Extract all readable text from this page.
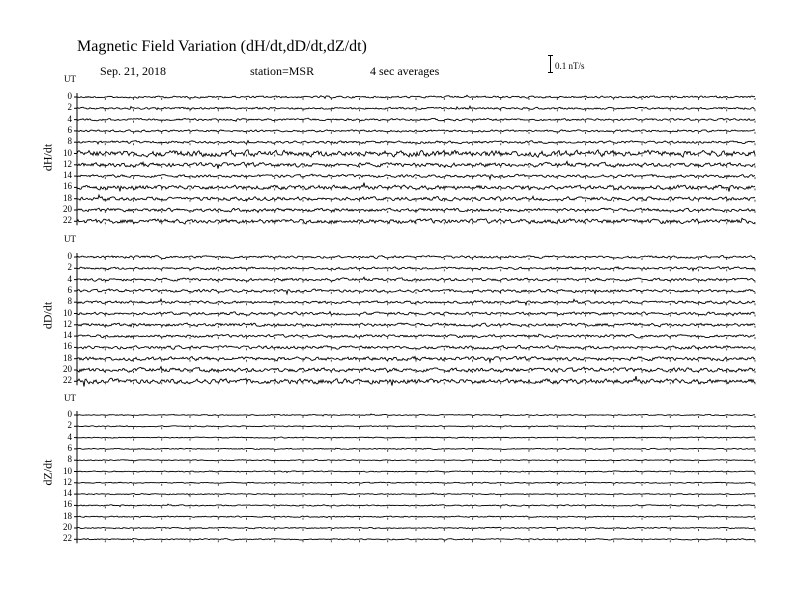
Magnetic Field Variation (dH/dt,dD/dt,dZ/dt)
Sep. 21, 2018	station=MSR	4 sec averages	0.1 nT/s
UT
UT
UT
dH/dt
dD/dt
dZ/dt
0
2
4
6
8
10
12
14
16
18
20
22
0
2
4
6
8
10
12
14
16
18
20
22
0
2
4
6
8
10
12
14
16
18
20
22
